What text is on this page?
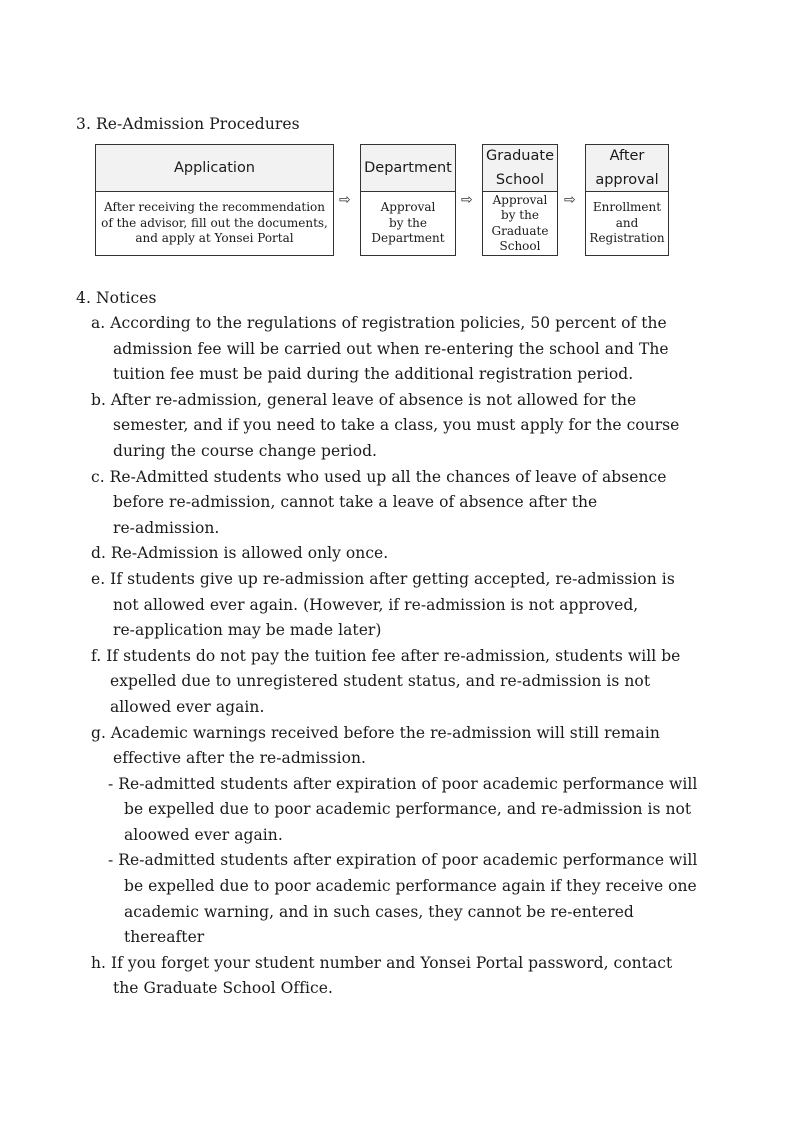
3. Re-Admission Procedures
Application
After receiving the recommendation
of the advisor, fill out the documents,
and apply at Yonsei Portal
⇨
Department
Approval
by the
Department
⇨
Graduate
School
Approval
by the
Graduate
School
⇨
After
approval
Enrollment
and
Registration
4. Notices
a. According to the regulations of registration policies, 50 percent of the
admission fee will be carried out when re-entering the school and The
tuition fee must be paid during the additional registration period.
b. After re-admission, general leave of absence is not allowed for the
semester, and if you need to take a class, you must apply for the course
during the course change period.
c. Re-Admitted students who used up all the chances of leave of absence
before re-admission, cannot take a leave of absence after the
re-admission.
d. Re-Admission is allowed only once.
e. If students give up re-admission after getting accepted, re-admission is
not allowed ever again. (However, if re-admission is not approved,
re-application may be made later)
f. If students do not pay the tuition fee after re-admission, students will be
expelled due to unregistered student status, and re-admission is not
allowed ever again.
g. Academic warnings received before the re-admission will still remain
effective after the re-admission.
- Re-admitted students after expiration of poor academic performance will
be expelled due to poor academic performance, and re-admission is not
aloowed ever again.
- Re-admitted students after expiration of poor academic performance will
be expelled due to poor academic performance again if they receive one
academic warning, and in such cases, they cannot be re-entered
thereafter
h. If you forget your student number and Yonsei Portal password, contact
the Graduate School Office.
